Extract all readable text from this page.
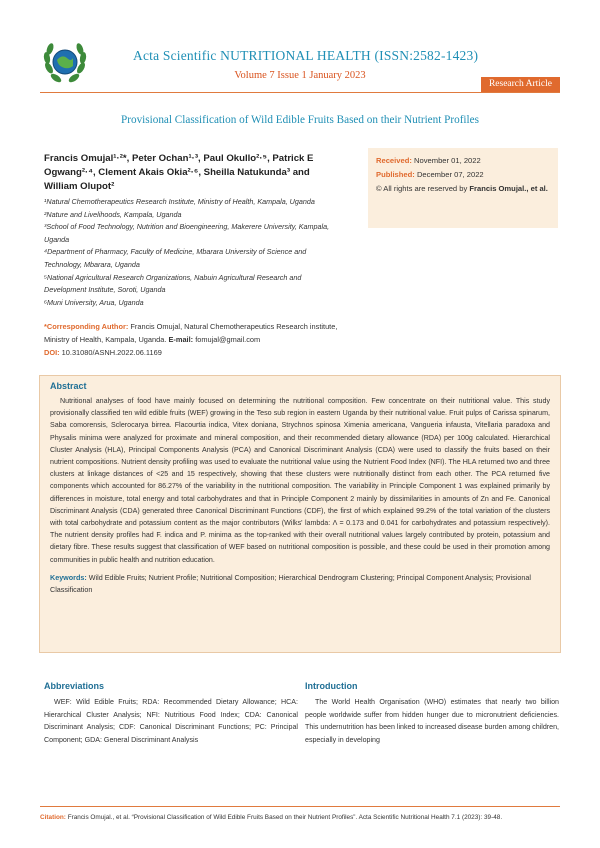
Acta Scientific NUTRITIONAL HEALTH (ISSN:2582-1423)
Volume 7 Issue 1 January 2023
Research Article
Provisional Classification of Wild Edible Fruits Based on their Nutrient Profiles
Francis Omujal¹·²*, Peter Ochan¹·³, Paul Okullo²·⁵, Patrick E Ogwang²·⁴, Clement Akais Okia²·⁶, Sheilla Natukunda³ and William Olupot²
¹Natural Chemotherapeutics Research Institute, Ministry of Health, Kampala, Uganda
²Nature and Livelihoods, Kampala, Uganda
³School of Food Technology, Nutrition and Bioengineering, Makerere University, Kampala, Uganda
⁴Department of Pharmacy, Faculty of Medicine, Mbarara University of Science and Technology, Mbarara, Uganda
⁵National Agricultural Research Organizations, Nabuin Agricultural Research and Development Institute, Soroti, Uganda
⁶Muni University, Arua, Uganda
*Corresponding Author: Francis Omujal, Natural Chemotherapeutics Research institute, Ministry of Health, Kampala, Uganda. E-mail: fomujal@gmail.com
DOI: 10.31080/ASNH.2022.06.1169
Received: November 01, 2022
Published: December 07, 2022
© All rights are reserved by Francis Omujal., et al.
Abstract
Nutritional analyses of food have mainly focused on determining the nutritional composition. Few concentrate on their nutritional value. This study provisionally classified ten wild edible fruits (WEF) growing in the Teso sub region in eastern Uganda by their nutritional value. Fruit pulps of Carissa spinarum, Saba comorensis, Sclerocarya birrea. Flacourtia indica, Vitex doniana, Strychnos spinosa Ximenia americana, Vangueria infausta, Vitellaria paradoxa and Physalis minima were analyzed for proximate and mineral composition, and their recommended dietary allowance (RDA) per 100g calculated. Hierarchical Cluster Analysis (HLA), Principal Components Analysis (PCA) and Canonical Discriminant Analysis (CDA) were used to classify the fruits based on their nutrient compositions. Nutrient density profiling was used to evaluate the nutritional value using the Nutrient Food Index (NFI). The HLA returned two and three clusters at linkage distances of <25 and 15 respectively, showing that these clusters were nutritionally distinct from each other. The PCA returned five components which accounted for 86.27% of the variability in the nutritional composition. The variability in Principle Component 1 was explained primarily by differences in moisture, total energy and total carbohydrates and that in Principle Component 2 mainly by dissimilarities in amounts of Zn and Fe. Canonical Discriminant Analysis (CDA) generated three Canonical Discriminant Functions (CDF), the first of which explained 99.2% of the total variation of the clusters with total carbohydrate and potassium content as the major contributors (Wilks' lambda: Λ = 0.173 and 0.041 for carbohydrates and potassium respectively). The nutrient density profiles had F. indica and P. minima as the top-ranked with their overall nutritional values largely contributed by protein, potassium and dietary fibre. These results suggest that classification of WEF based on nutritional composition is possible, and these could be used in their promotion among communities in public health and nutrition education.
Keywords: Wild Edible Fruits; Nutrient Profile; Nutritional Composition; Hierarchical Dendrogram Clustering; Principal Component Analysis; Provisional Classification
Abbreviations
WEF: Wild Edible Fruits; RDA: Recommended Dietary Allowance; HCA: Hierarchical Cluster Analysis; NFI: Nutritious Food Index; CDA: Canonical Discriminant Analysis; CDF: Canonical Discriminant Functions; PC: Principal Component; GDA: General Discriminant Analysis
Introduction
The World Health Organisation (WHO) estimates that nearly two billion people worldwide suffer from hidden hunger due to micronutrient deficiencies. This undernutrition has been linked to increased disease burden among children, especially in developing
Citation: Francis Omujal., et al. “Provisional Classification of Wild Edible Fruits Based on their Nutrient Profiles”. Acta Scientific Nutritional Health 7.1 (2023): 39-48.
